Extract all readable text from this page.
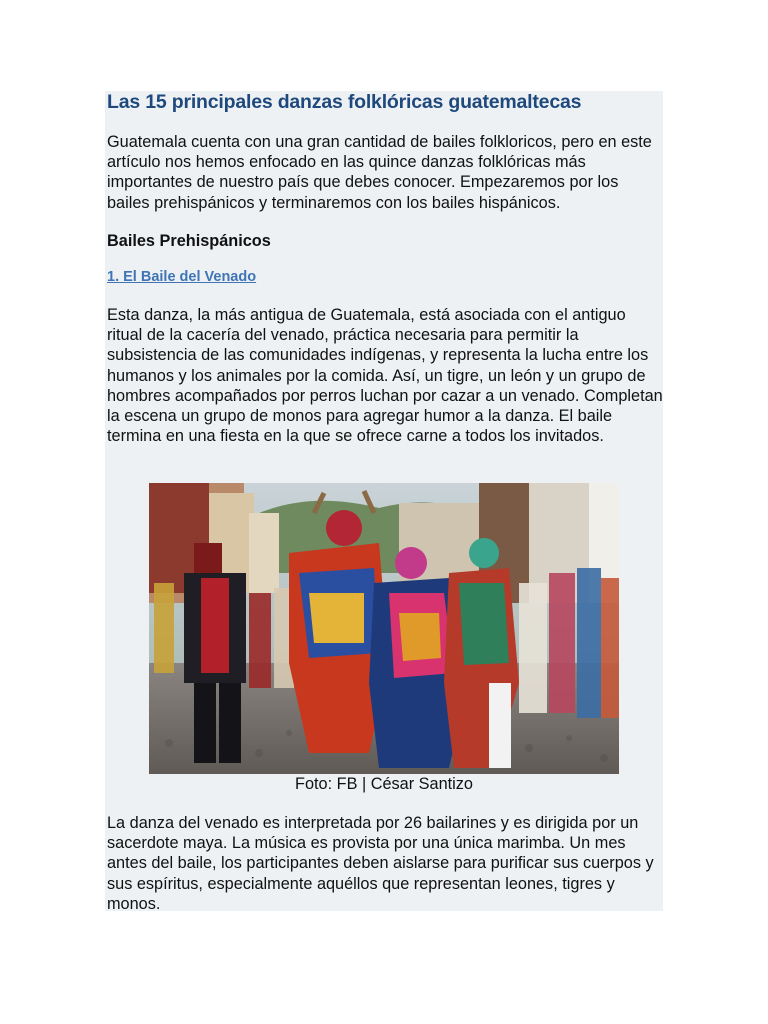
Las 15 principales danzas folklóricas guatemaltecas

Guatemala cuenta con una gran cantidad de bailes folkloricos, pero en este artículo nos hemos enfocado en las quince danzas folklóricas más importantes de nuestro país que debes conocer. Empezaremos por los bailes prehispánicos y terminaremos con los bailes hispánicos.

Bailes Prehispánicos
1. El Baile del Venado

Esta danza, la más antigua de Guatemala, está asociada con el antiguo ritual de la cacería del venado, práctica necesaria para permitir la subsistencia de las comunidades indígenas, y representa la lucha entre los humanos y los animales por la comida. Así, un tigre, un león y un grupo de hombres acompañados por perros luchan por cazar a un venado. Completan la escena un grupo de monos para agregar humor a la danza. El baile termina en una fiesta en la que se ofrece carne a todos los invitados.

Foto: FB | César Santizo

La danza del venado es interpretada por 26 bailarines y es dirigida por un sacerdote maya. La música es provista por una única marimba. Un mes antes del baile, los participantes deben aislarse para purificar sus cuerpos y sus espíritus, especialmente aquéllos que representan leones, tigres y monos.
